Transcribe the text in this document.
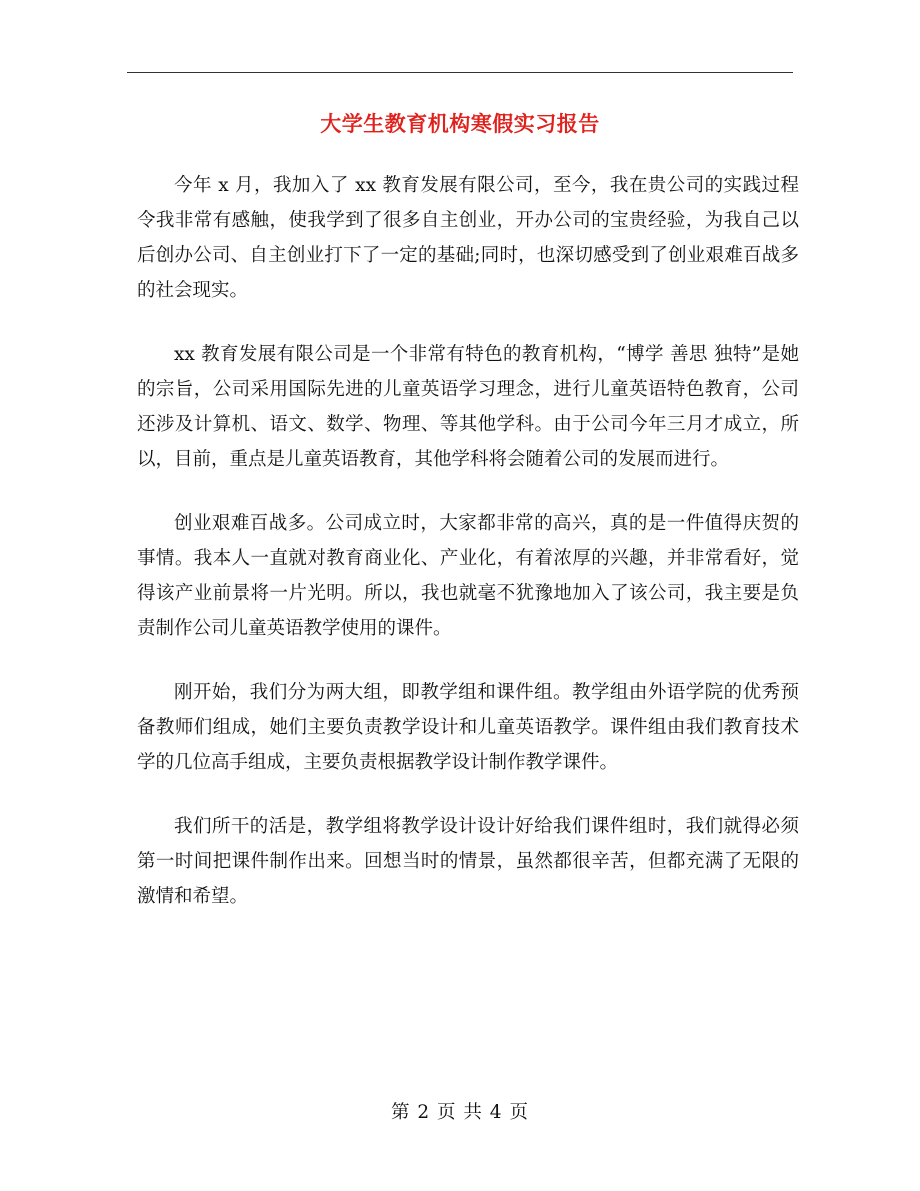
大学生教育机构寒假实习报告

今年 x 月，我加入了 xx 教育发展有限公司，至今，我在贵公司的实践过程令我非常有感触，使我学到了很多自主创业，开办公司的宝贵经验，为我自己以后创办公司、自主创业打下了一定的基础;同时，也深切感受到了创业艰难百战多的社会现实。

xx 教育发展有限公司是一个非常有特色的教育机构，“博学 善思 独特”是她的宗旨，公司采用国际先进的儿童英语学习理念，进行儿童英语特色教育，公司还涉及计算机、语文、数学、物理、等其他学科。由于公司今年三月才成立，所以，目前，重点是儿童英语教育，其他学科将会随着公司的发展而进行。

创业艰难百战多。公司成立时，大家都非常的高兴，真的是一件值得庆贺的事情。我本人一直就对教育商业化、产业化，有着浓厚的兴趣，并非常看好，觉得该产业前景将一片光明。所以，我也就毫不犹豫地加入了该公司，我主要是负责制作公司儿童英语教学使用的课件。

刚开始，我们分为两大组，即教学组和课件组。教学组由外语学院的优秀预备教师们组成，她们主要负责教学设计和儿童英语教学。课件组由我们教育技术学的几位高手组成，主要负责根据教学设计制作教学课件。

我们所干的活是，教学组将教学设计设计好给我们课件组时，我们就得必须第一时间把课件制作出来。回想当时的情景，虽然都很辛苦，但都充满了无限的激情和希望。

第 2 页 共 4 页
